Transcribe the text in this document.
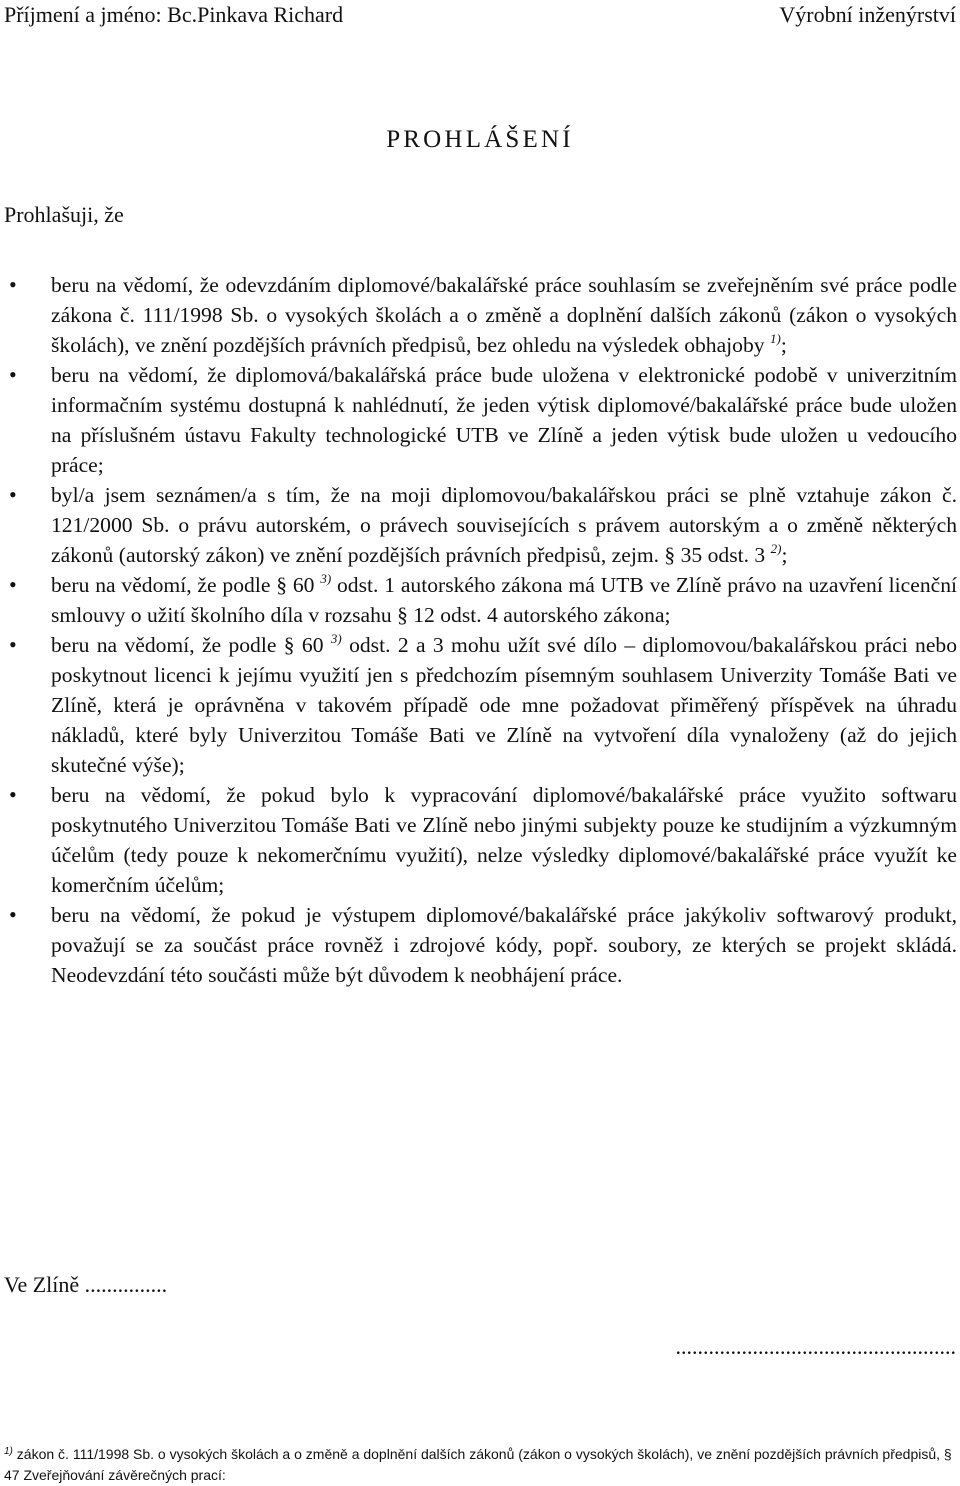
Příjmení a jméno: Bc.Pinkava Richard	Výrobní inženýrství
PROHLÁŠENÍ
Prohlašuji, že
• beru na vědomí, že odevzdáním diplomové/bakalářské práce souhlasím se zveřejněním své práce podle zákona č. 111/1998 Sb. o vysokých školách a o změně a doplnění dalších zákonů (zákon o vysokých školách), ve znění pozdějších právních předpisů, bez ohledu na výsledek obhajoby $^{1)}$;
• beru na vědomí, že diplomová/bakalářská práce bude uložena v elektronické podobě v univerzitním informačním systému dostupná k nahlédnutí, že jeden výtisk diplomové/bakalářské práce bude uložen na příslušném ústavu Fakulty technologické UTB ve Zlíně a jeden výtisk bude uložen u vedoucího práce;
• byl/a jsem seznámen/a s tím, že na moji diplomovou/bakalářskou práci se plně vztahuje zákon č. 121/2000 Sb. o právu autorském, o právech souvisejících s právem autorským a o změně některých zákonů (autorský zákon) ve znění pozdějších právních předpisů, zejm. § 35 odst. 3 $^{2)}$;
• beru na vědomí, že podle § 60 $^{3)}$ odst. 1 autorského zákona má UTB ve Zlíně právo na uzavření licenční smlouvy o užití školního díla v rozsahu § 12 odst. 4 autorského zákona;
• beru na vědomí, že podle § 60 $^{3)}$ odst. 2 a 3 mohu užít své dílo – diplomovou/bakalářskou práci nebo poskytnout licenci k jejímu využití jen s předchozím písemným souhlasem Univerzity Tomáše Bati ve Zlíně, která je oprávněna v takovém případě ode mne požadovat přiměřený příspěvek na úhradu nákladů, které byly Univerzitou Tomáše Bati ve Zlíně na vytvoření díla vynaloženy (až do jejich skutečné výše);
• beru na vědomí, že pokud bylo k vypracování diplomové/bakalářské práce využito softwaru poskytnutého Univerzitou Tomáše Bati ve Zlíně nebo jinými subjekty pouze ke studijním a výzkumným účelům (tedy pouze k nekomerčnímu využití), nelze výsledky diplomové/bakalářské práce využít ke komerčním účelům;
• beru na vědomí, že pokud je výstupem diplomové/bakalářské práce jakýkoliv softwarový produkt, považují se za součást práce rovněž i zdrojové kódy, popř. soubory, ze kterých se projekt skládá. Neodevzdání této součásti může být důvodem k neobhájení práce.
Ve Zlíně ...............
...................................................
$^{1)}$ zákon č. 111/1998 Sb. o vysokých školách a o změně a doplnění dalších zákonů (zákon o vysokých školách), ve znění pozdějších právních předpisů, § 47 Zveřejňování závěrečných prací:
